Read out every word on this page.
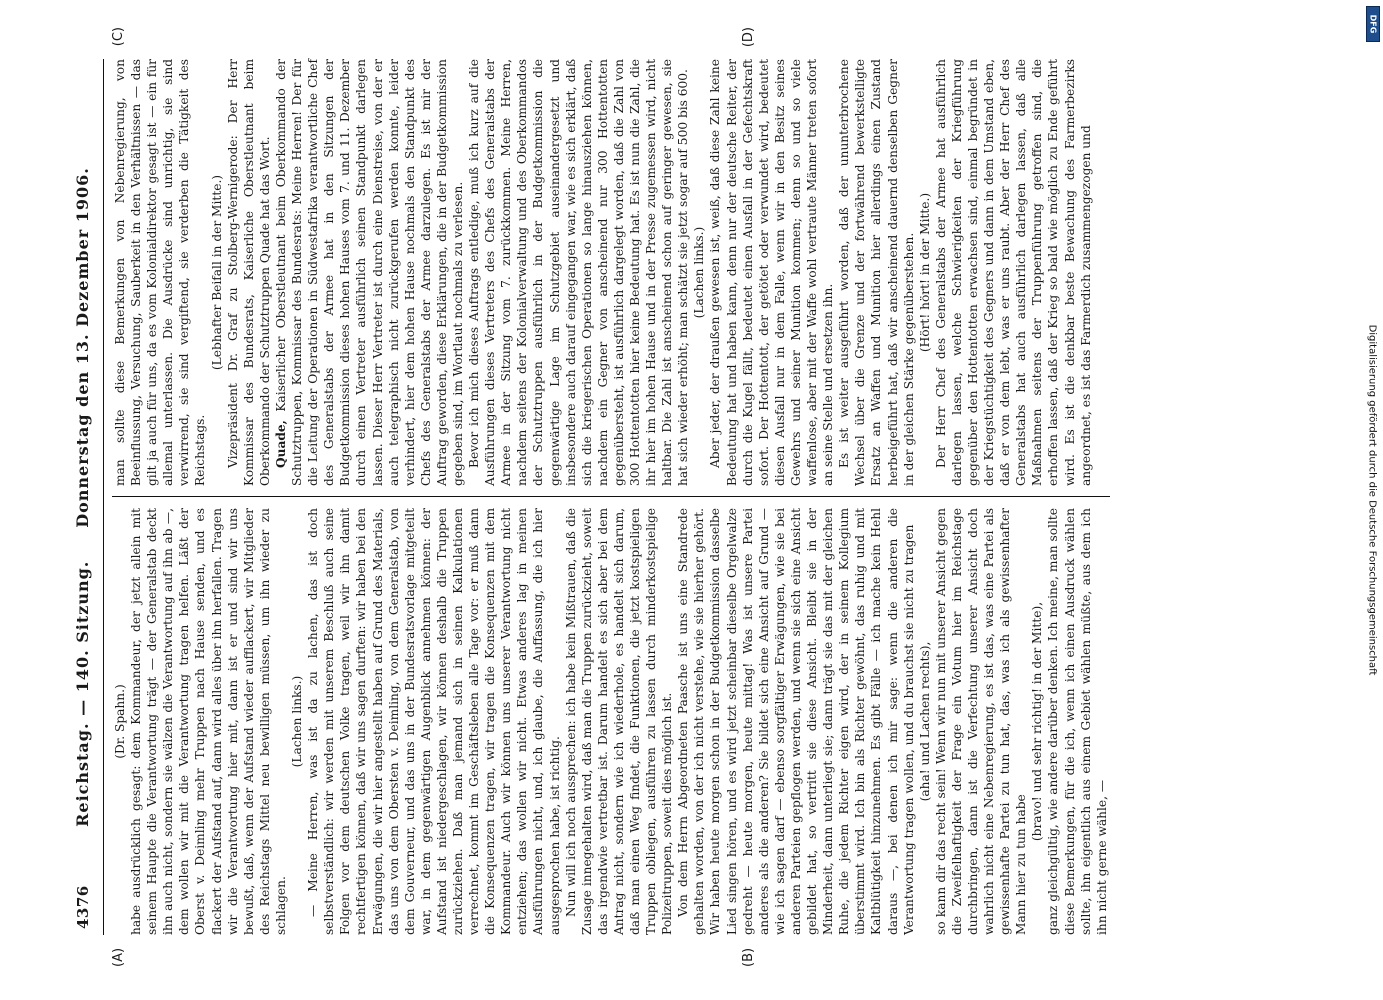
4376
Reichstag. — 140. Sitzung.     Donnerstag den 13. Dezember 1906.

(Dr. Spahn.) habe ausdrücklich gesagt: dem Kommandeur, der jetzt allein mit seinem Haupte die Verantwortung trägt — der Generalstab deckt ihn auch nicht, sondern sie wälzen die Verantwortung auf ihn ab —, dem wollen wir mit die Verantwortung tragen helfen. Läßt der Oberst v. Deimling mehr Truppen nach Hause senden, und es flackert der Aufstand auf, dann wird alles über ihn herfallen. Tragen wir die Verantwortung hier mit, dann ist er und sind wir uns bewußt, daß, wenn der Aufstand wieder aufflackert, wir Mitglieder des Reichstags Mittel neu bewilligen müssen, um ihn wieder zu schlagen.

(Lachen links.) — Meine Herren, was ist da zu lachen, das ist doch selbstverständlich: wir werden mit unserem Beschluß auch seine Folgen vor dem deutschen Volke tragen, weil wir ihn damit rechtfertigen können, daß wir uns sagen durften: wir haben bei den Erwägungen, die wir hier angestellt haben auf Grund des Materials, das uns von dem Obersten v. Deimling, von dem Generalstab, von dem Gouverneur, und das uns in der Bundesratsvorlage mitgeteilt war, in dem gegenwärtigen Augenblick annehmen können: der Aufstand ist niedergeschlagen, wir können deshalb die Truppen zurückziehen. Daß man jemand sich in seinen Kalkulationen verrechnet, kommt im Geschäftsleben alle Tage vor: er muß dann die Konsequenzen tragen, wir tragen die Konsequenzen mit dem Kommandeur. Auch wir können uns unserer Verantwortung nicht entziehen; das wollen wir nicht. Etwas anderes lag in meinen Ausführungen nicht, und, ich glaube, die Auffassung, die ich hier ausgesprochen habe, ist richtig. Nun will ich noch aussprechen: ich habe kein Mißtrauen, daß die Zusage innegehalten wird, daß man die Truppen zurückzieht, soweit das irgendwie vertretbar ist. Darum handelt es sich aber bei dem Antrag nicht, sondern wie ich wiederhole, es handelt sich darum, daß man einen Weg findet, die Funktionen, die jetzt kostspieligen Truppen obliegen, ausführen zu lassen durch minderkostspielige Polizeitruppen, soweit dies möglich ist. Von dem Herrn Abgeordneten Paasche ist uns eine Standrede gehalten worden, von der ich nicht verstehe, wie sie hierher gehört. Wir haben heute morgen schon in der Budgetkommission dasselbe Lied singen hören, und es wird jetzt scheinbar dieselbe Orgelwalze gedreht — heute morgen, heute mittag! Was ist unsere Partei anderes als die anderen? Sie bildet sich eine Ansicht auf Grund — wie ich sagen darf — ebenso sorgfältiger Erwägungen, wie sie bei anderen Parteien gepflogen werden, und wenn sie sich eine Ansicht gebildet hat, so vertritt sie diese Ansicht. Bleibt sie in der Minderheit, dann unterliegt sie; dann trägt sie das mit der gleichen Ruhe, die jedem Richter eigen wird, der in seinem Kollegium überstimmt wird. Ich bin als Richter gewöhnt, das ruhig und mit Kaltblütigkeit hinzunehmen. Es gibt Fälle — ich mache kein Hehl daraus —, bei denen ich mir sage: wenn die anderen die Verantwortung tragen wollen, und du brauchst sie nicht zu tragen (aha! und Lachen rechts), so kann dir das recht sein! Wenn wir nun mit unserer Ansicht gegen die Zweifelhaftigkeit der Frage ein Votum hier im Reichstage durchbringen, dann ist die Verfechtung unserer Ansicht doch wahrlich nicht eine Nebenregierung, es ist das, was eine Partei als gewissenhafte Partei zu tun hat, das, was ich als gewissenhafter Mann hier zu tun habe

(bravo! und sehr richtig! in der Mitte), ganz gleichgültig, wie andere darüber denken. Ich meine, man sollte diese Bemerkungen, für die ich, wenn ich einen Ausdruck wählen sollte, ihn eigentlich aus einem Gebiet wählen müßte, aus dem ich ihn nicht gerne wähle, —

man sollte diese Bemerkungen von Nebenregierung, von Beeinflussung, Versuchung, Sauberkeit in den Verhältnissen — das gilt ja auch für uns, da es vom Kolonialdirektor gesagt ist — ein für allemal unterlassen. Die Ausdrücke sind unrichtig, sie sind verwirrend, sie sind vergiftend, sie verderben die Tätigkeit des Reichstags.

(Lebhafter Beifall in der Mitte.) Vizepräsident Dr. Graf zu Stolberg-Wernigerode: Der Herr Kommissar des Bundesrats, Kaiserliche Oberstleutnant beim Oberkommando der Schutztruppen Quade hat das Wort. Quade, Kaiserlicher Oberstleutnant beim Oberkommando der Schutztruppen, Kommissar des Bundesrats: Meine Herren! Der für die Leitung der Operationen in Südwestafrika verantwortliche Chef des Generalstabs der Armee hat in den Sitzungen der Budgetkommission dieses hohen Hauses vom 7. und 11. Dezember durch einen Vertreter ausführlich seinen Standpunkt darlegen lassen. Dieser Herr Vertreter ist durch eine Dienstreise, von der er auch telegraphisch nicht zurückgerufen werden konnte, leider verhindert, hier dem hohen Hause nochmals den Standpunkt des Chefs des Generalstabs der Armee darzulegen. Es ist mir der Auftrag geworden, diese Erklärungen, die in der Budgetkommission gegeben sind, im Wortlaut nochmals zu verlesen. Bevor ich mich dieses Auftrags entledige, muß ich kurz auf die Ausführungen dieses Vertreters des Chefs des Generalstabs der Armee in der Sitzung vom 7. zurückkommen. Meine Herren, nachdem seitens der Kolonialverwaltung und des Oberkommandos der Schutztruppen ausführlich in der Budgetkommission die gegenwärtige Lage im Schutzgebiet auseinandergesetzt und insbesondere auch darauf eingegangen war, wie es sich erklärt, daß sich die kriegerischen Operationen so lange hinausziehen können, nachdem ein Gegner von anscheinend nur 300 Hottentotten gegenübersteht, ist ausführlich dargelegt worden, daß die Zahl von 300 Hottentotten hier keine Bedeutung hat. Es ist nun die Zahl, die ihr hier im hohen Hause und in der Presse zugemessen wird, nicht haltbar. Die Zahl ist anscheinend schon auf geringer gewesen, sie hat sich wieder erhöht; man schätzt sie jetzt sogar auf 500 bis 600. (Lachen links.) Aber jeder, der draußen gewesen ist, weiß, daß diese Zahl keine Bedeutung hat und haben kann, denn nur der deutsche Reiter, der durch die Kugel fällt, bedeutet einen Ausfall in der Gefechtskraft sofort. Der Hottentott, der getötet oder verwundet wird, bedeutet diesen Ausfall nur in dem Falle, wenn wir in den Besitz seines Gewehrs und seiner Munition kommen; denn so und so viele waffenlose, aber mit der Waffe wohl vertraute Männer treten sofort an seine Stelle und ersetzen ihn. Es ist weiter ausgeführt worden, daß der ununterbrochene Wechsel über die Grenze und der fortwährend bewerkstelligte Ersatz an Waffen und Munition hier allerdings einen Zustand herbeigeführt hat, daß wir anscheinend dauernd denselben Gegner in der gleichen Stärke gegenüberstehen. (Hört! hört! in der Mitte.) Der Herr Chef des Generalstabs der Armee hat ausführlich darlegen lassen, welche Schwierigkeiten der Kriegführung gegenüber den Hottentotten erwachsen sind, einmal begründet in der Kriegstüchtigkeit des Gegners und dann in dem Umstand eben, daß er von dem lebt, was er uns raubt. Aber der Herr Chef des Generalstabs hat auch ausführlich darlegen lassen, daß alle Maßnahmen seitens der Truppenführung getroffen sind, die erhoffen lassen, daß der Krieg so bald wie möglich zu Ende geführt wird. Es ist die denkbar beste Bewachung des Farmerbezirks angeordnet, es ist das Farmerdich zusammengezogen und

(A)	(B)
(C)	(D)
DFG
Digitalisierung gefördert durch die Deutsche Forschungsgemeinschaft
